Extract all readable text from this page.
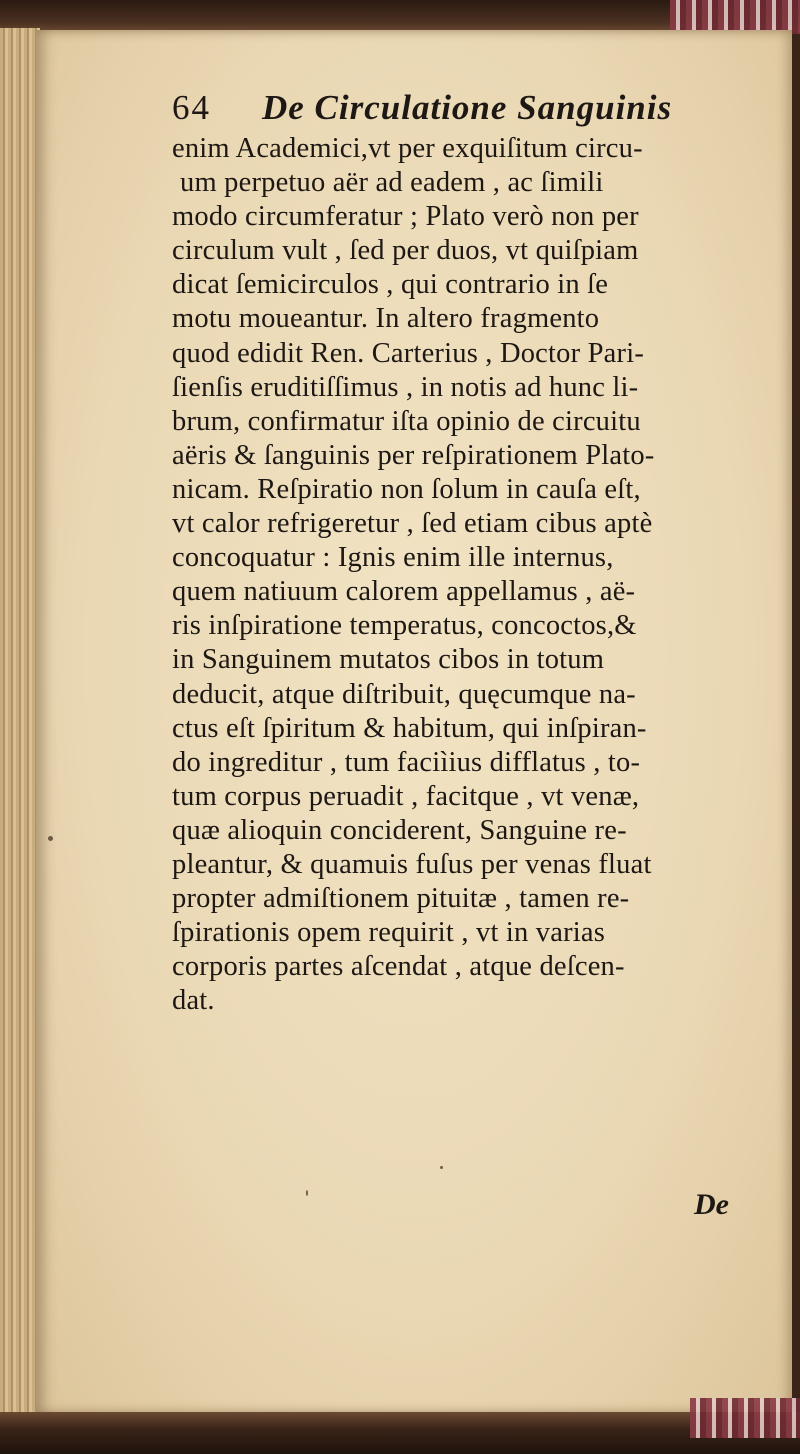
64	De Circulatione Sanguinis
enim Academici,vt per exquiſitum circu-
um perpetuo aër ad eadem , ac ſimili
modo circumferatur ; Plato verò non per
circulum vult , ſed per duos, vt quiſpiam
dicat ſemicirculos , qui contrario in ſe
motu moueantur. In altero fragmento
quod edidit Ren. Carterius , Doctor Pari-
ſienſis eruditiſſimus , in notis ad hunc li-
brum, confirmatur iſta opinio de circuitu
aëris & ſanguinis per reſpirationem Plato-
nicam. Reſpiratio non ſolum in cauſa eſt,
vt calor refrigeretur , ſed etiam cibus aptè
concoquatur : Ignis enim ille internus,
quem natiuum calorem appellamus , aë-
ris inſpiratione temperatus, concoctos,&
in Sanguinem mutatos cibos in totum
deducit, atque diſtribuit, quęcumque na-
ctus eſt ſpiritum & habitum, qui inſpiran-
do ingreditur , tum faciìius difflatus , to-
tum corpus peruadit , facitque , vt venæ,
quæ alioquin conciderent, Sanguine re-
pleantur, & quamuis fuſus per venas fluat
propter admiſtionem pituitæ , tamen re-
ſpirationis opem requirit , vt in varias
corporis partes aſcendat , atque deſcen-
dat.
De
